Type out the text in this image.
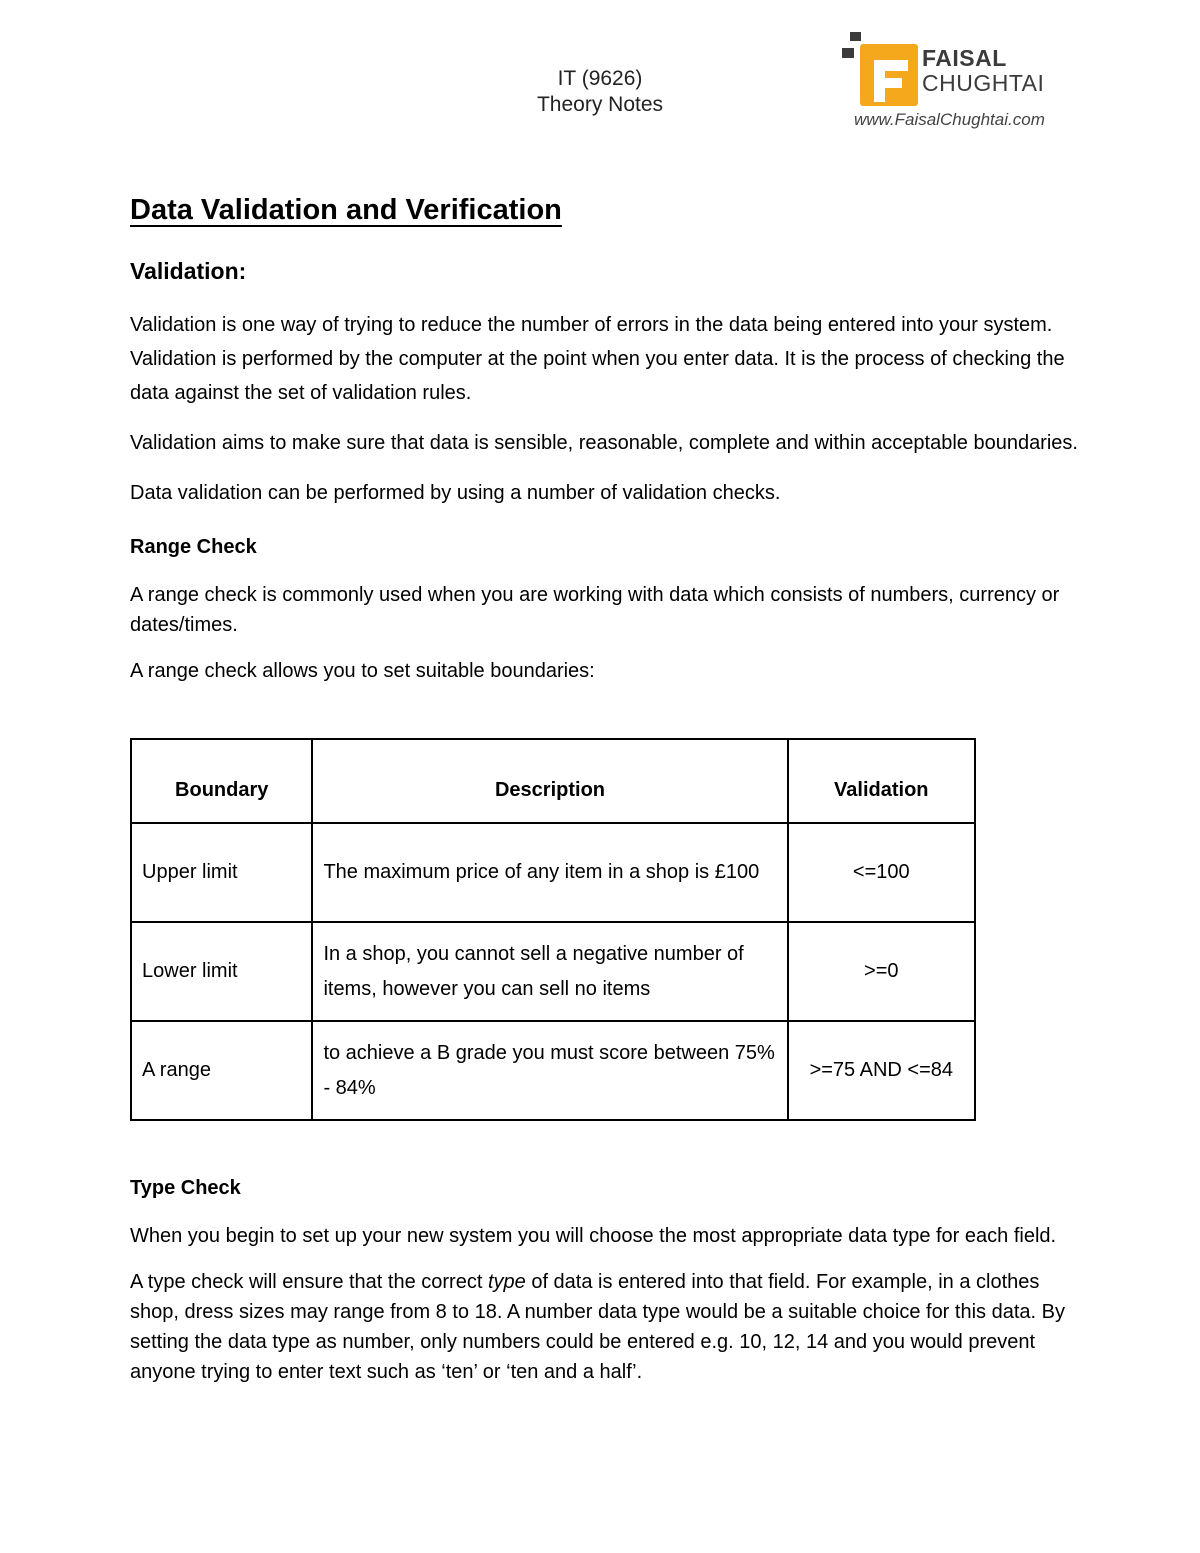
IT (9626)
Theory Notes
FAISAL
CHUGHTAI
www.FaisalChughtai.com
Data Validation and Verification
Validation:

Validation is one way of trying to reduce the number of errors in the data being entered into your system. Validation is performed by the computer at the point when you enter data. It is the process of checking the data against the set of validation rules.

Validation aims to make sure that data is sensible, reasonable, complete and within acceptable boundaries.

Data validation can be performed by using a number of validation checks.

Range Check

A range check is commonly used when you are working with data which consists of numbers, currency or dates/times.

A range check allows you to set suitable boundaries:

Boundary	Description	Validation
Upper limit	The maximum price of any item in a shop is £100	<=100
Lower limit	In a shop, you cannot sell a negative number of items, however you can sell no items	>=0
A range	to achieve a B grade you must score between 75% - 84%	>=75 AND <=84
Type Check

When you begin to set up your new system you will choose the most appropriate data type for each field.

A type check will ensure that the correct type of data is entered into that field. For example, in a clothes shop, dress sizes may range from 8 to 18. A number data type would be a suitable choice for this data. By setting the data type as number, only numbers could be entered e.g. 10, 12, 14 and you would prevent anyone trying to enter text such as ‘ten’ or ‘ten and a half’.
